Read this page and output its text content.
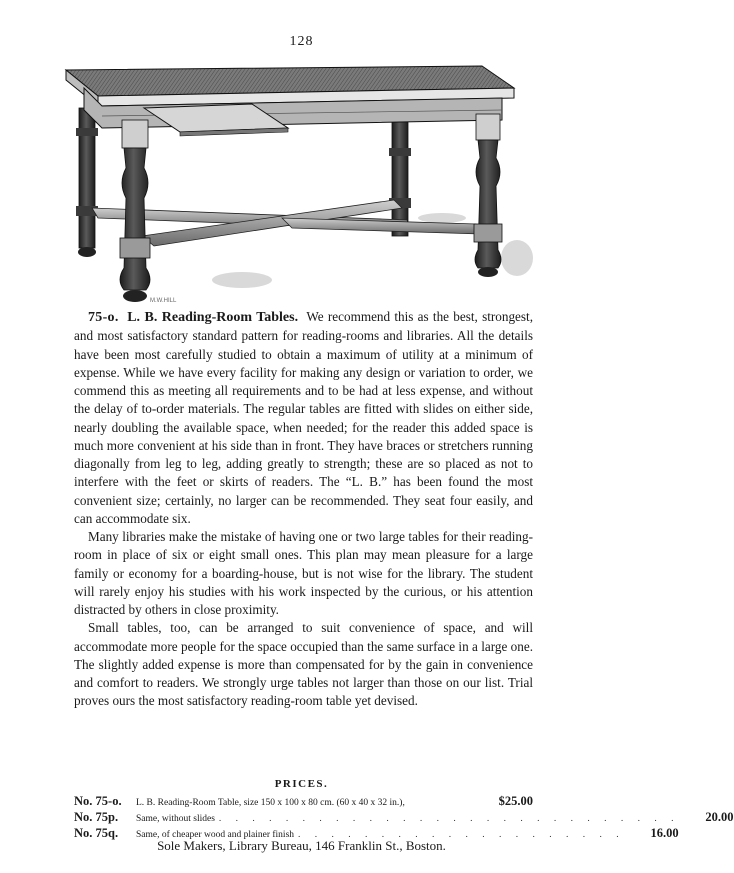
128
M.W.HILL

75-o. L. B. Reading-Room Tables. We recommend this as the best, strongest, and most satisfactory standard pattern for reading-rooms and libraries. All the details have been most carefully studied to obtain a maximum of utility at a minimum of expense. While we have every facility for making any design or variation to order, we commend this as meeting all requirements and to be had at less expense, and without the delay of to-order materials. The regular tables are fitted with slides on either side, nearly doubling the available space, when needed; for the reader this added space is much more convenient at his side than in front. They have braces or stretchers running diagonally from leg to leg, adding greatly to strength; these are so placed as not to interfere with the feet or skirts of readers. The “L. B.” has been found the most convenient size; certainly, no larger can be recommended. They seat four easily, and can accommodate six.

Many libraries make the mistake of having one or two large tables for their reading-room in place of six or eight small ones. This plan may mean pleasure for a large family or economy for a boarding-house, but is not wise for the library. The student will rarely enjoy his studies with his work inspected by the curious, or his attention distracted by others in close proximity.

Small tables, too, can be arranged to suit convenience of space, and will accommodate more people for the space occupied than the same surface in a large one. The slightly added expense is more than compensated for by the gain in convenience and comfort to readers. We strongly urge tables not larger than those on our list. Trial proves ours the most satisfactory reading-room table yet devised.

PRICES.
No. 75-o.	L. B. Reading-Room Table, size 150 x 100 x 80 cm. (60 x 40 x 32 in.),	$25.00
No. 75p.	Same, without slides . . . . . . . . . . . . . . . . . . . . . . . . . . . .	20.00
No. 75q.	Same, of cheaper wood and plainer finish . . . . . . . . . . . . . . . . . . . .	16.00
Sole Makers, Library Bureau, 146 Franklin St., Boston.
